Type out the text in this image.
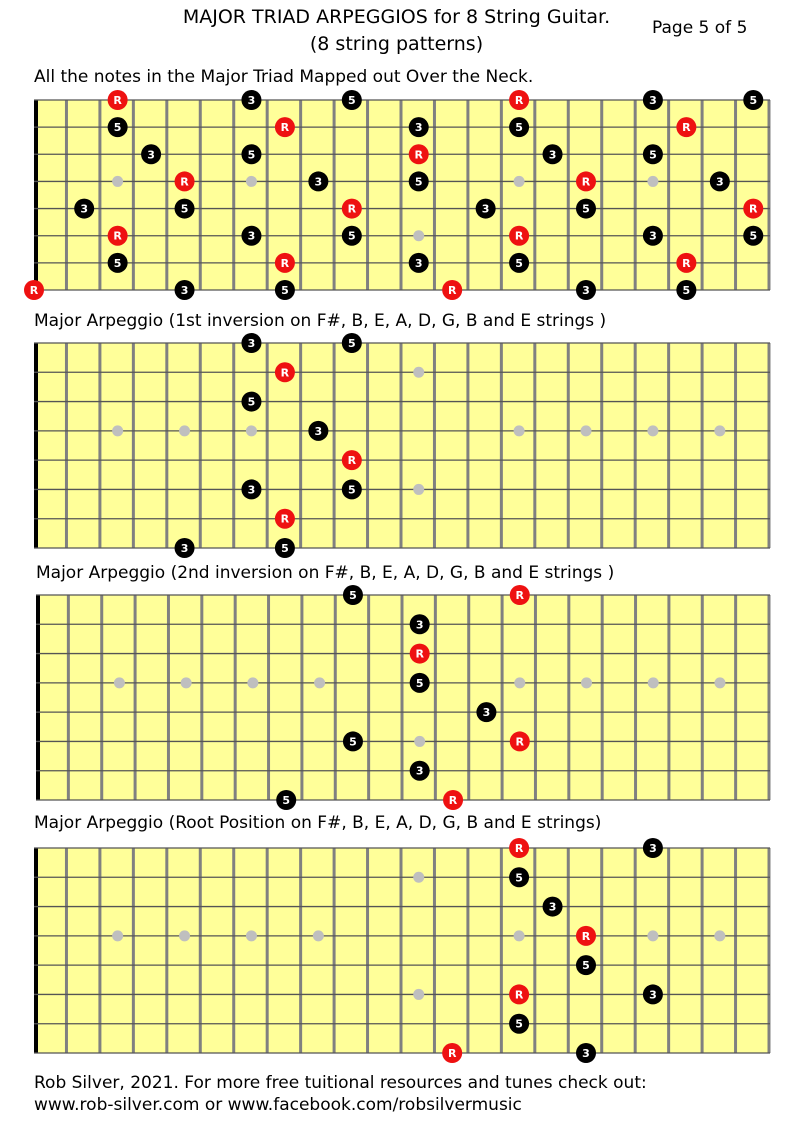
MAJOR TRIAD ARPEGGIOS for 8 String Guitar.
(8 string patterns)
Page 5 of 5
All the notes in the Major Triad Mapped out Over the Neck.
R	3	5	R	3	5
5	R	3	5	R
3	5	R	3	5
R	3	5	R	3
3	5	R	3	5	R
R	3	5	R	3	5
5	R	3	5	R
R	3	5	R	3	5
Major Arpeggio (1st inversion on F#, B, E, A, D, G, B and E strings )
3	5
R
5
3
R
3	5
R
3	5
Major Arpeggio (2nd inversion on F#, B, E, A, D, G, B and E strings )
5	R
3
R
5
3
5	R
3
5	R
Major Arpeggio (Root Position on F#, B, E, A, D, G, B and E strings)
R	3
5
3
R
5
R	3
5
R	3
Rob Silver, 2021. For more free tuitional resources and tunes check out:
www.rob-silver.com or www.facebook.com/robsilvermusic
